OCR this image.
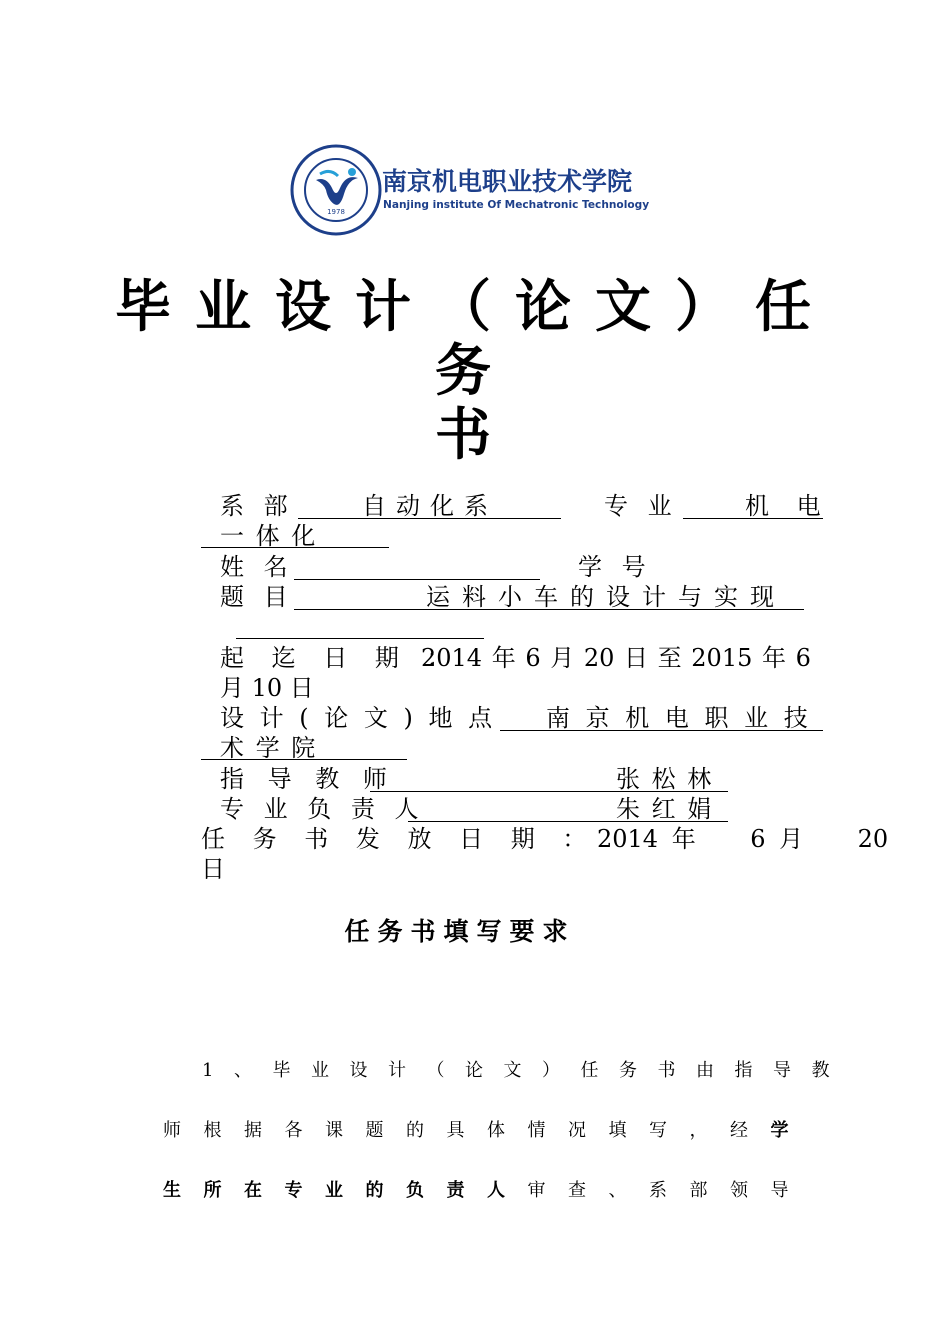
1978
南京机电职业技术学院
Nanjing institute Of Mechatronic Technology
毕业设计（论文）任务
书
系 部	自动化系	专 业	机 电
一 体 化
姓 名	学 号
题 目	运料小车的设计与实现
起 迄 日 期 ：
2014 年 6 月 20 日 至 2015 年 6
月 10 日
设 计 ( 论 文 ) 地 点 南 京 机 电 职 业 技
术 学 院
指 导 教 师	张 松 林
专 业 负 责 人	朱 红 娟
任 务 书 发 放 日 期 ： 2014 年    6 月    20
日
任务书填写要求
1、毕业设计（论文）任务书由指导教
师根据各课题的具体情况填写，经学
生所在专业的负责人审查、系部领导
